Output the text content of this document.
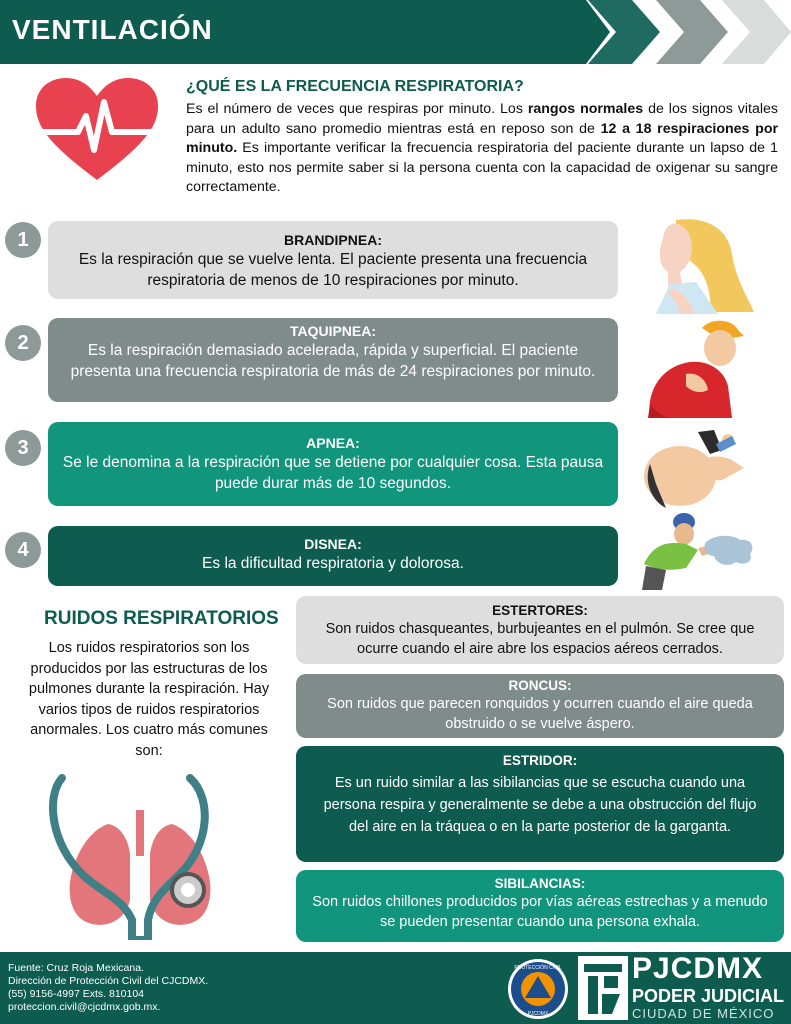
VENTILACIÓN
¿QUÉ ES LA FRECUENCIA RESPIRATORIA?
Es el número de veces que respiras por minuto. Los rangos normales de los signos vitales para un adulto sano promedio mientras está en reposo son de 12 a 18 respiraciones por minuto. Es importante verificar la frecuencia respiratoria del paciente durante un lapso de 1 minuto, esto nos permite saber si la persona cuenta con la capacidad de oxigenar su sangre correctamente.
1	BRANDIPNEA:
Es la respiración que se vuelve lenta. El paciente presenta una frecuencia respiratoria de menos de 10 respiraciones por minuto.
2
TAQUIPNEA:
Es la respiración demasiado acelerada, rápida y superficial. El paciente presenta una frecuencia respiratoria de más de 24 respiraciones por minuto.
3	APNEA:
Se le denomina a la respiración que se detiene por cualquier cosa. Esta pausa puede durar más de 10 segundos.
4	DISNEA:
Es la dificultad respiratoria y dolorosa.
RUIDOS RESPIRATORIOS
Los ruidos respiratorios son los producidos por las estructuras de los pulmones durante la respiración. Hay varios tipos de ruidos respiratorios anormales. Los cuatro más comunes son:
ESTERTORES:
Son ruidos chasqueantes, burbujeantes en el pulmón. Se cree que ocurre cuando el aire abre los espacios aéreos cerrados.
RONCUS:
Son ruidos que parecen ronquidos y ocurren cuando el aire queda obstruido o se vuelve áspero.
ESTRIDOR:
Es un ruido similar a las sibilancias que se escucha cuando una persona respira y generalmente se debe a una obstrucción del flujo del aire en la tráquea o en la parte posterior de la garganta.
SIBILANCIAS:
Son ruidos chillones producidos por vías aéreas estrechas y a menudo se pueden presentar cuando una persona exhala.
Fuente: Cruz Roja Mexicana.
Dirección de Protección Civil del CJCDMX.
(55) 9156-4997 Exts. 810104
proteccion.civil@cjcdmx.gob.mx.
PROTECCIÓN CIVIL
PJCDMX
PJCDMX
PODER JUDICIAL
CIUDAD DE MÉXICO
